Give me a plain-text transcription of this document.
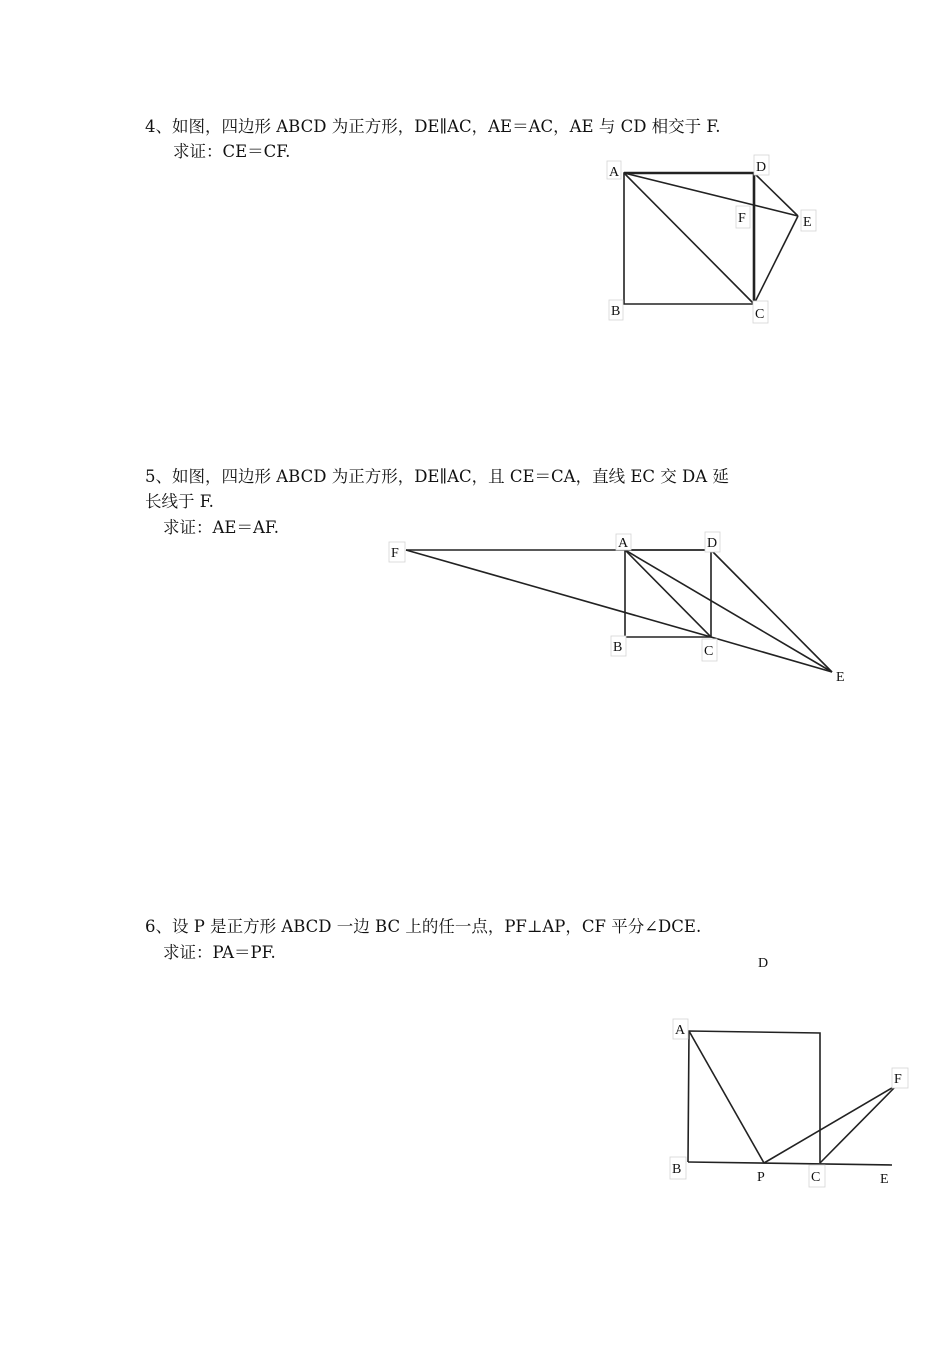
4、如图，四边形 ABCD 为正方形，DE∥AC，AE＝AC，AE 与 CD 相交于 F.
求证：CE＝CF.
A
B	C
D
E
F
5、如图，四边形 ABCD 为正方形，DE∥AC，且 CE＝CA，直线 EC 交 DA 延
长线于 F.
求证：AE＝AF.
F
A	D
B	C
E
6、设 P 是正方形 ABCD 一边 BC 上的任一点，PF⊥AP，CF 平分∠DCE.
求证：PA＝PF.
D
A
B
P	C	E
F
